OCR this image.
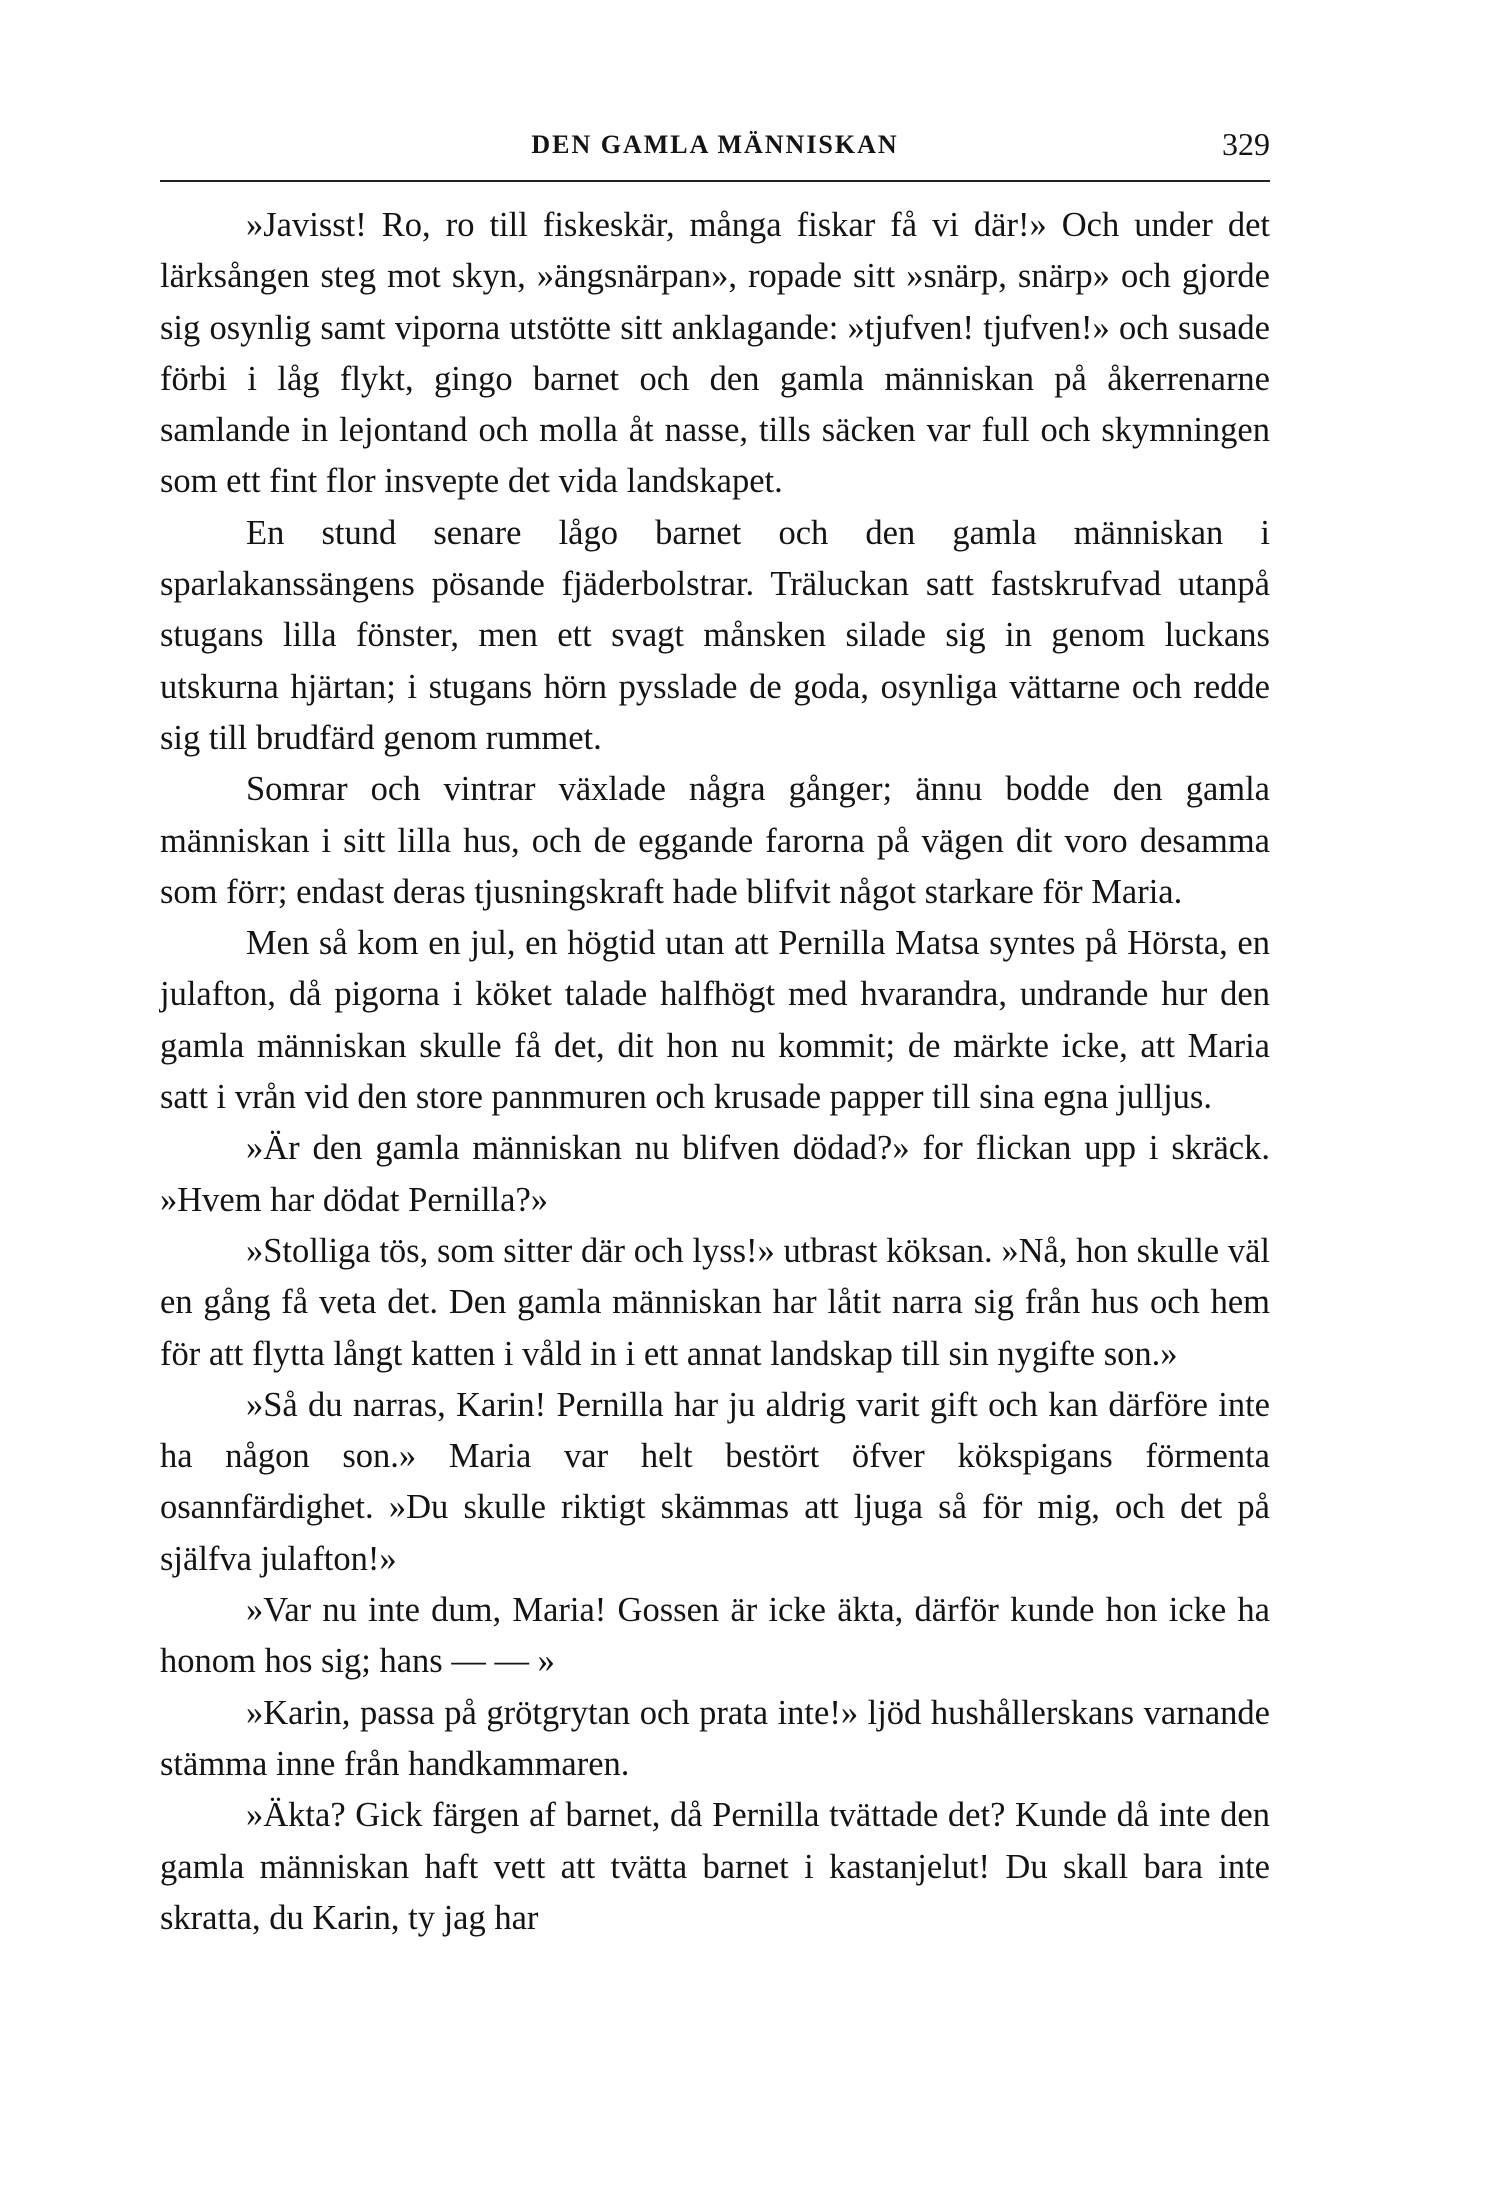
DEN GAMLA MÄNNISKAN	329

»Javisst! Ro, ro till fiskeskär, många fiskar få vi där!» Och under det lärksången steg mot skyn, »ängsnärpan», ropade sitt »snärp, snärp» och gjorde sig osynlig samt viporna utstötte sitt anklagande: »tjufven! tjufven!» och susade förbi i låg flykt, gingo barnet och den gamla människan på åkerrenarne samlande in lejontand och molla åt nasse, tills säcken var full och skymningen som ett fint flor insvepte det vida landskapet.

En stund senare lågo barnet och den gamla människan i sparlakanssängens pösande fjäderbolstrar. Träluckan satt fastskrufvad utanpå stugans lilla fönster, men ett svagt månsken silade sig in genom luckans utskurna hjärtan; i stugans hörn pysslade de goda, osynliga vättarne och redde sig till brudfärd genom rummet.

Somrar och vintrar växlade några gånger; ännu bodde den gamla människan i sitt lilla hus, och de eggande farorna på vägen dit voro desamma som förr; endast deras tjusningskraft hade blifvit något starkare för Maria.

Men så kom en jul, en högtid utan att Pernilla Matsa syntes på Hörsta, en julafton, då pigorna i köket talade halfhögt med hvarandra, undrande hur den gamla människan skulle få det, dit hon nu kommit; de märkte icke, att Maria satt i vrån vid den store pannmuren och krusade papper till sina egna julljus.

»Är den gamla människan nu blifven dödad?» for flickan upp i skräck. »Hvem har dödat Pernilla?»

»Stolliga tös, som sitter där och lyss!» utbrast köksan. »Nå, hon skulle väl en gång få veta det. Den gamla människan har låtit narra sig från hus och hem för att flytta långt katten i våld in i ett annat landskap till sin nygifte son.»

»Så du narras, Karin! Pernilla har ju aldrig varit gift och kan därföre inte ha någon son.» Maria var helt bestört öfver kökspigans förmenta osannfärdighet. »Du skulle riktigt skämmas att ljuga så för mig, och det på själfva julafton!»

»Var nu inte dum, Maria! Gossen är icke äkta, därför kunde hon icke ha honom hos sig; hans — — »

»Karin, passa på grötgrytan och prata inte!» ljöd hushållerskans varnande stämma inne från handkammaren.

»Äkta? Gick färgen af barnet, då Pernilla tvättade det? Kunde då inte den gamla människan haft vett att tvätta barnet i kastanjelut! Du skall bara inte skratta, du Karin, ty jag har
